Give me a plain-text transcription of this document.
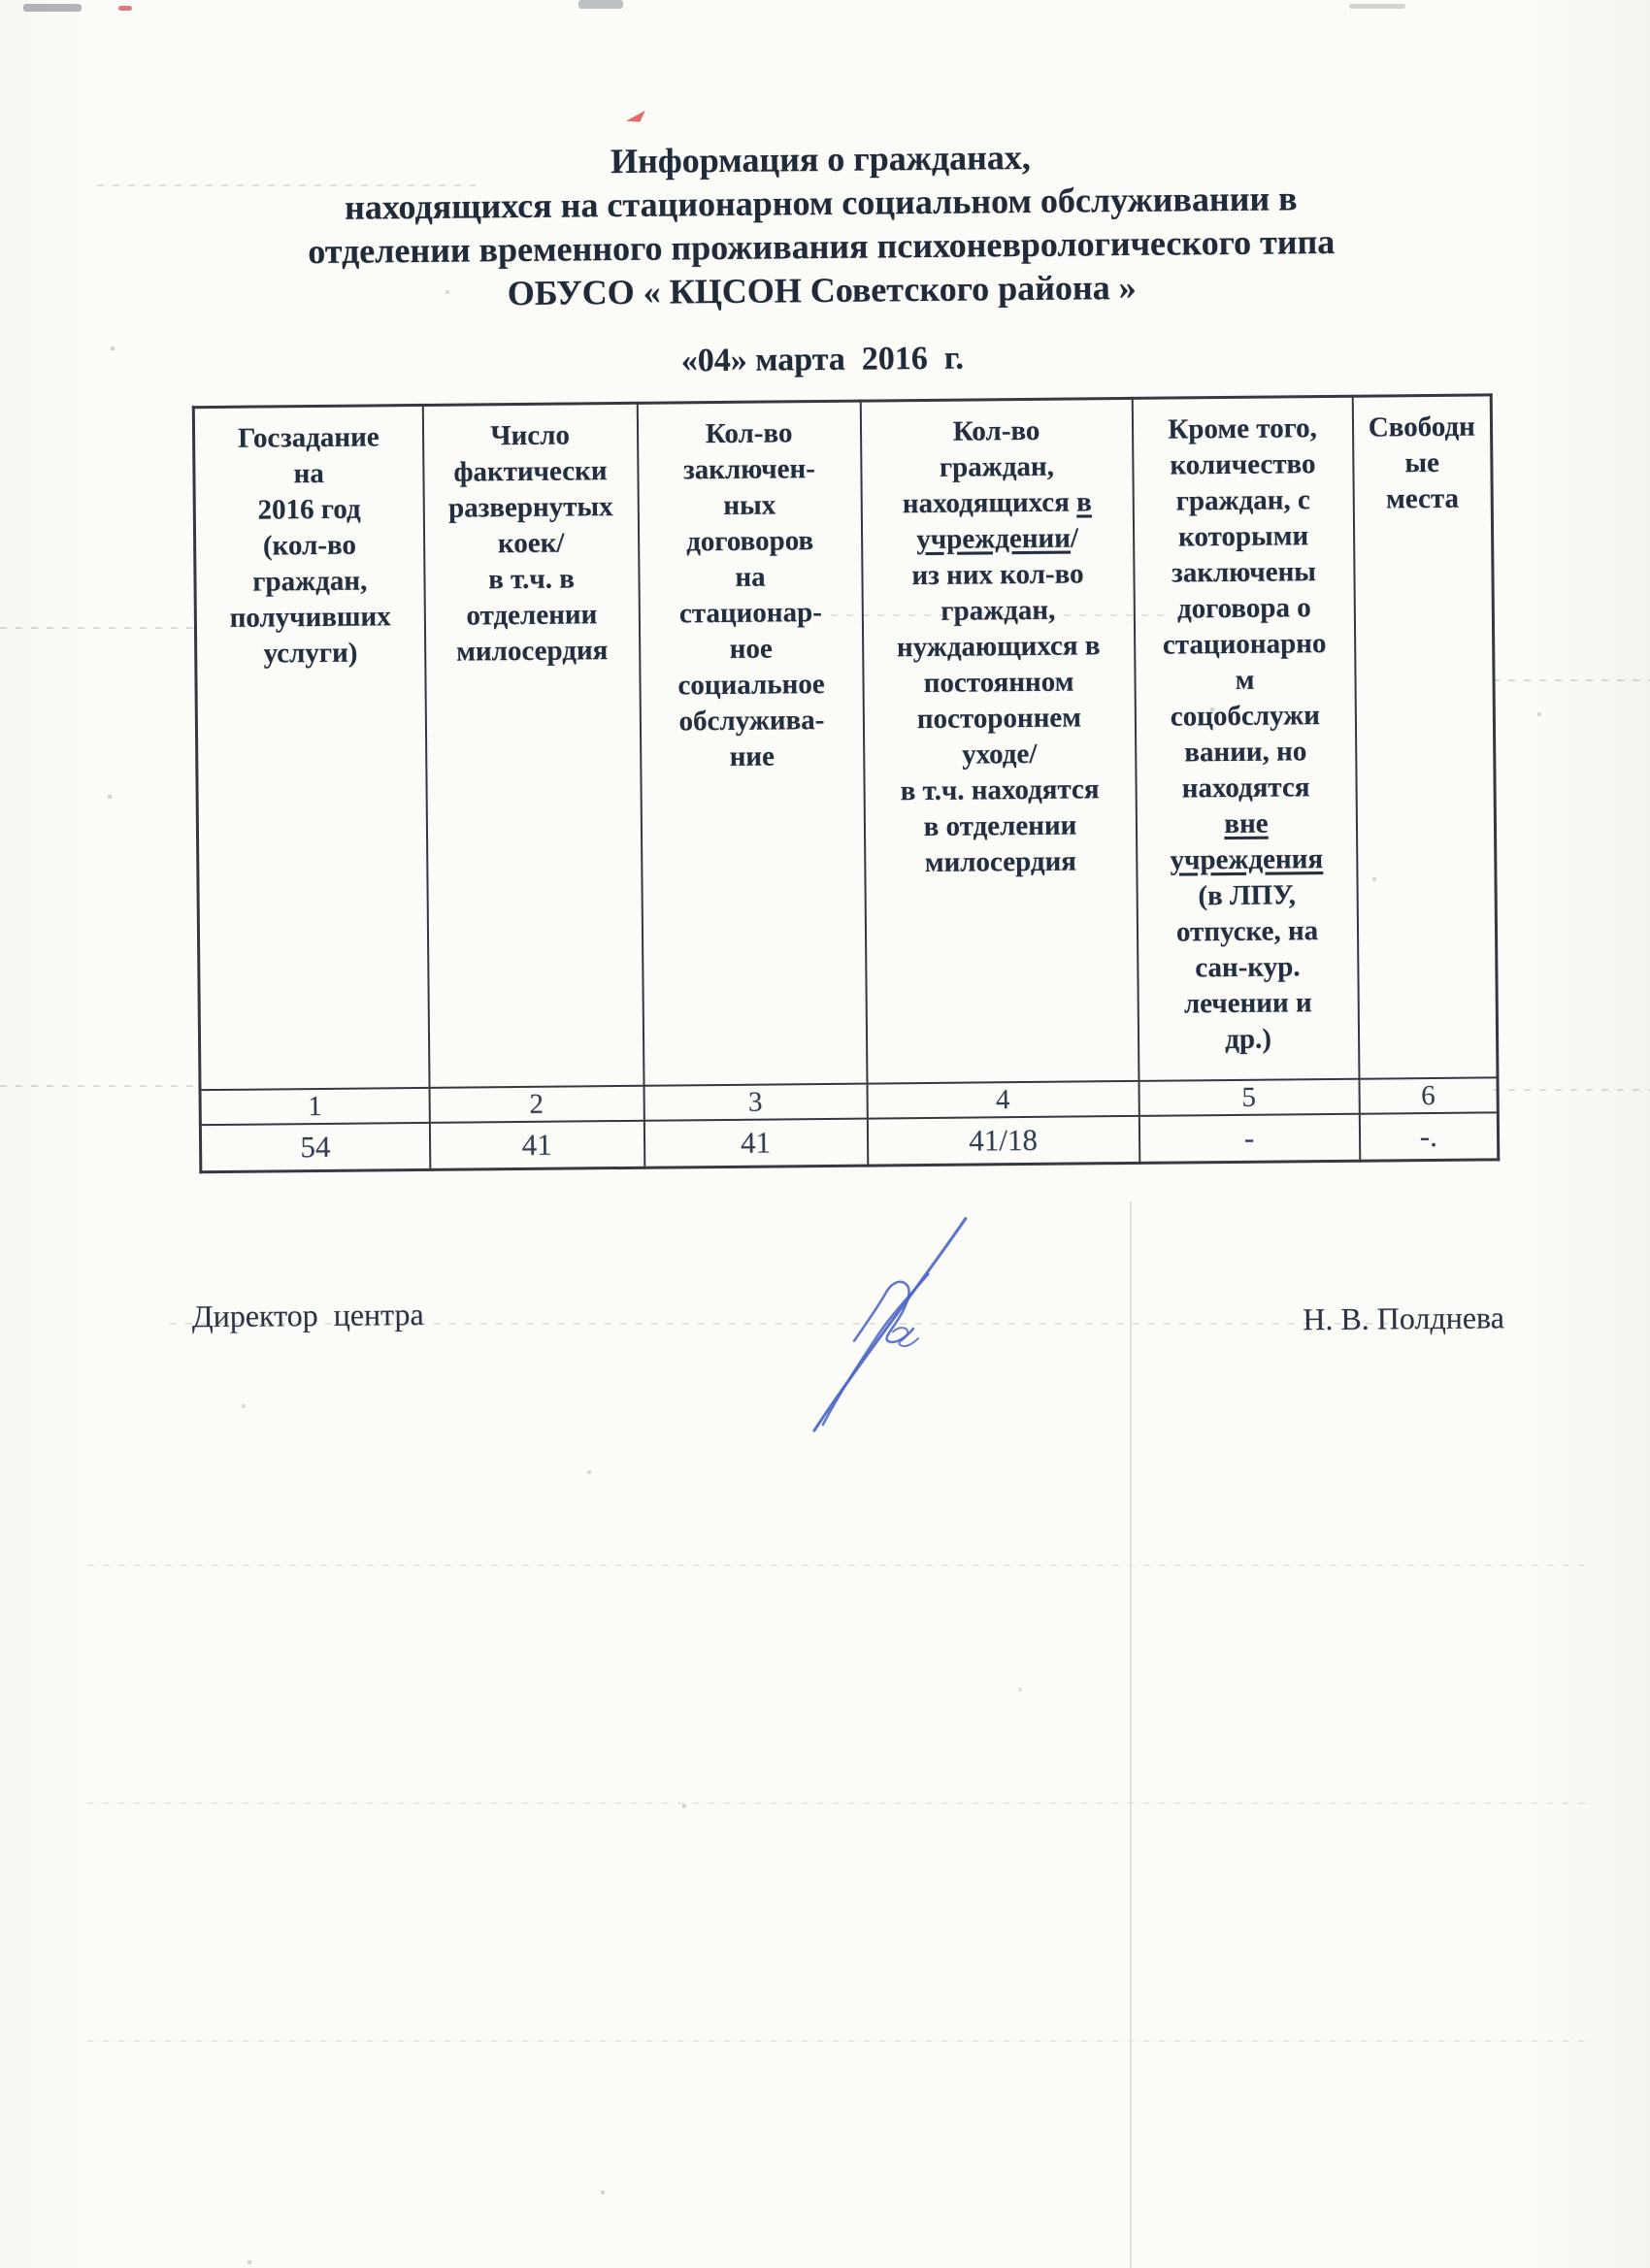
Информация о гражданах,
находящихся на стационарном социальном обслуживании в
отделении временного проживания психоневрологического типа
ОБУСО « КЦСОН Советского района »
«04» марта  2016  г.
Госзадание
на
2016 год
(кол-во
граждан,
получивших
услуги)	Число
фактически
развернутых
коек/
в т.ч. в
отделении
милосердия	Кол-во
заключен-
ных
договоров
на
стационар-
ное
социальное
обслужива-
ние	Кол-во
граждан,
находящихся в
учреждении/
из них кол-во
граждан,
нуждающихся в
постоянном
постороннем
уходе/
в т.ч. находятся
в отделении
милосердия	Кроме того,
количество
граждан, с
которыми
заключены
договора о
стационарно
м
соцобслужи
вании, но
находятся
вне
учреждения
(в ЛПУ,
отпуске, на
сан-кур.
лечении и
др.)	Свободн
ые
места
1	2	3	4	5	6
54	41	41	41/18	-	-.
Директор  центра	Н. В. Полднева
